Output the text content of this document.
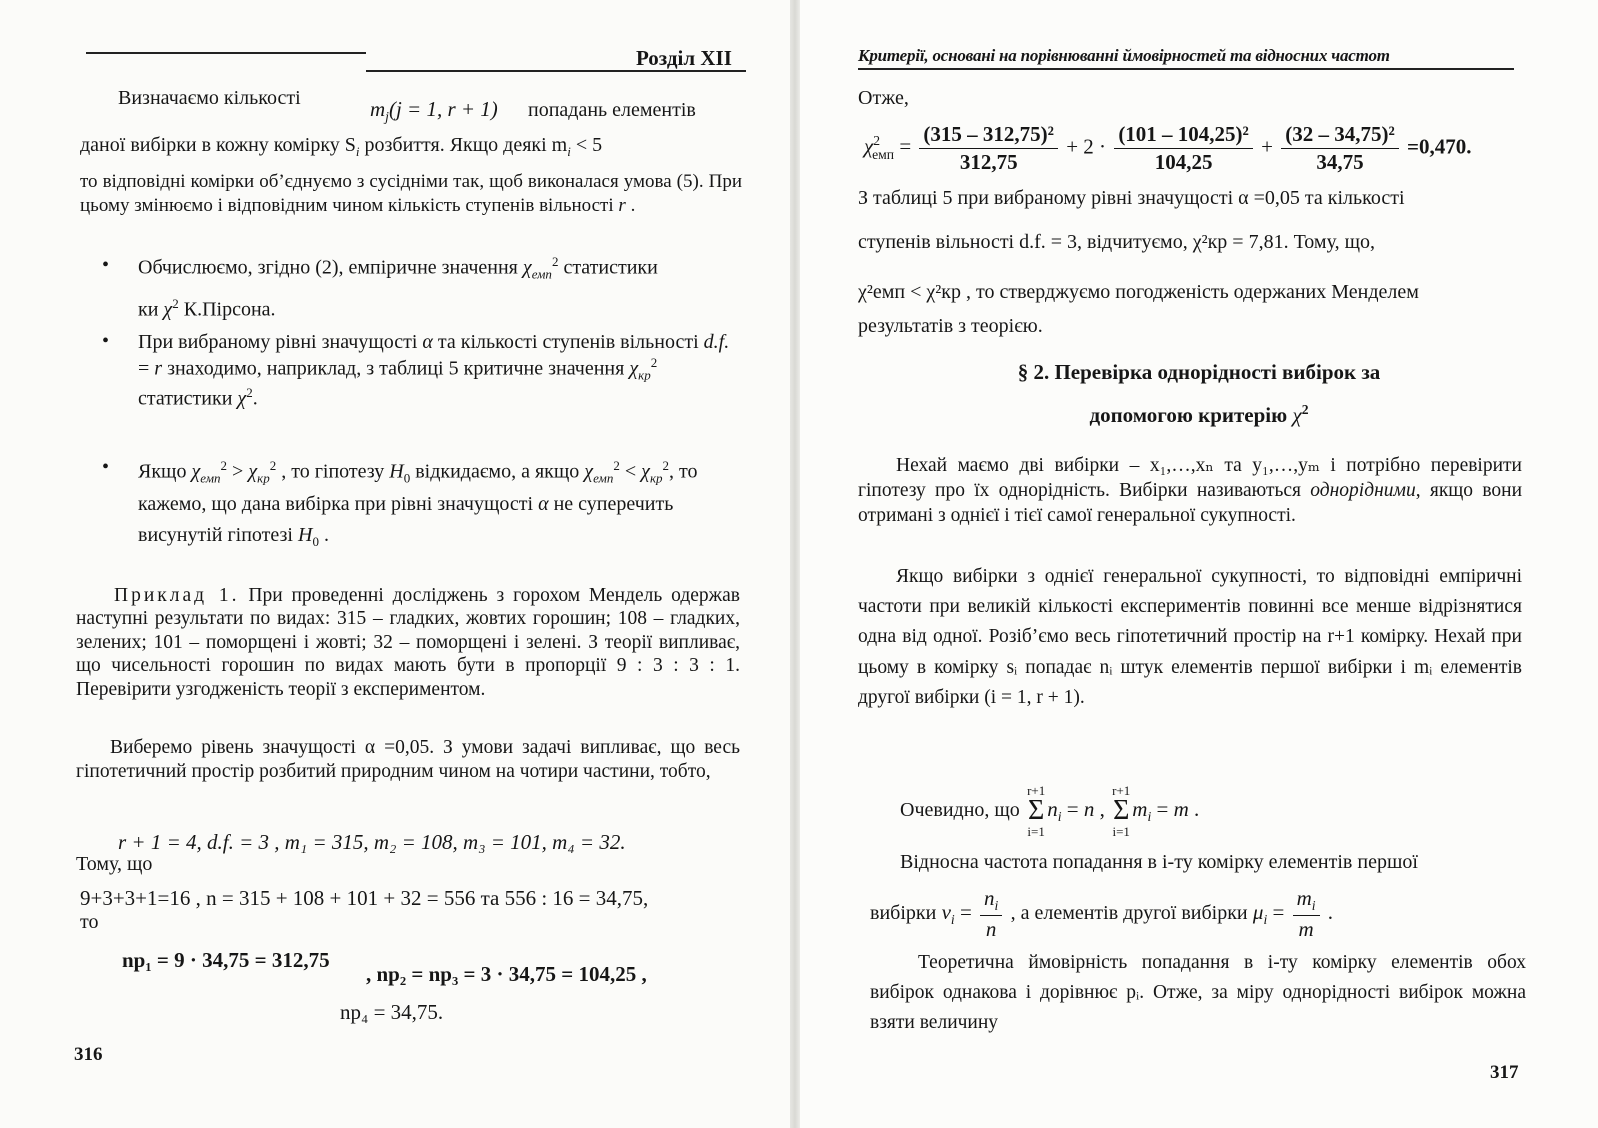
Розділ XII
Визначаємо кількості	$m_j(j = 1$, r + 1) попадань елементів
даної вибірки в кожну комірку $S_i$ розбиття. Якщо деякі $m_i < 5$
то відповідні комірки об’єднуємо з сусідніми так, щоб виконалася умова (5). При цьому змінюємо і відповідним чином кількість ступенів вільності r .
• Обчислюємо, згідно (2), емпіричне значення $\chi_{емп}^2$ статистики
ки $\chi^2$ К.Пірсона.
• При вибраному рівні значущості α та кількості ступенів вільності d.f. = r знаходимо, наприклад, з таблиці 5 критичне значення $\chi_{кр}^2$ статистики $\chi^2$.
• Якщо $\chi_{емп}^2 > \chi_{кр}^2$ , то гіпотезу $H_0$ відкидаємо, а якщо $\chi_{емп}^2 < \chi_{кр}^2$, то кажемо, що дана вибірка при рівні значущості α не суперечить висунутій гіпотезі $H_0$ .
Приклад 1. При проведенні досліджень з горохом Мендель одержав наступні результати по видах: 315 – гладких, жовтих горошин; 108 – гладких, зелених; 101 – поморщені і жовті; 32 – поморщені і зелені. З теорії випливає, що чисельності горошин по видах мають бути в пропорції 9 : 3 : 3 : 1. Перевірити узгодженість теорії з експериментом.
Виберемо рівень значущості α =0,05. З умови задачі випливає, що весь гіпотетичний простір розбитий природним чином на чотири частини, тобто,
r + 1 = 4, d.f. = 3 , m₁ = 315, m₂ = 108, m₃ = 101, m₄ = 32.
Тому, що
9+3+3+1=16 , n = 315 + 108 + 101 + 32 = 556 та 556 : 16 = 34,75,
то
np₁ = 9 · 34,75 = 312,75
, np₂ = np₃ = 3 · 34,75 = 104,25 ,
np₄ = 34,75.
316
Критерії, основані на порівнюванні ймовірностей та відносних частот
Отже,
$\chi^2_{емп} = \frac{\text{(315 – 312,75)²}}{312,75} + 2 \cdot \frac{\text{(101 – 104,25)²}}{104,25} + \frac{\text{(32 – 34,75)²}}{34,75} =0,470$.
З таблиці 5 при вибраному рівні значущості α =0,05 та кількості
ступенів вільності d.f. = 3, відчитуємо, χ²кр = 7,81. Тому, що,
χ²емп < χ²кр , то стверджуємо погодженість одержаних Менделем
результатів з теорією.
§ 2. Перевірка однорідності вибірок за
допомогою критерію $\chi^2$
Нехай маємо дві вибірки – x₁,…,xₙ та y₁,…,yₘ і потрібно перевірити гіпотезу про їх однорідність. Вибірки називаються однорідними, якщо вони отримані з однієї і тієї самої генеральної сукупності.
Якщо вибірки з однієї генеральної сукупності, то відповідні емпіричні частоти при великій кількості експериментів повинні все менше відрізнятися одна від одної. Розіб’ємо весь гіпотетичний простір на r+1 комірку. Нехай при цьому в комірку sᵢ попадає nᵢ штук елементів першої вибірки і mᵢ елементів другої вибірки (i = 1, r + 1).
Очевидно, що r+1
Σ
$i=1n_i = n$ , r+1
Σ
$i=1m_i = m$ .
Відносна частота попадання в i-ту комірку елементів першої
вибірки $\nu_i = \frac{n_i}{n}$ , а елементів другої вибірки $\mu_i = \frac{m_i}{m}$ .
Теоретична ймовірність попадання в i-ту комірку елементів обох вибірок однакова і дорівнює pᵢ. Отже, за міру однорідності вибірок можна взяти величину
317
